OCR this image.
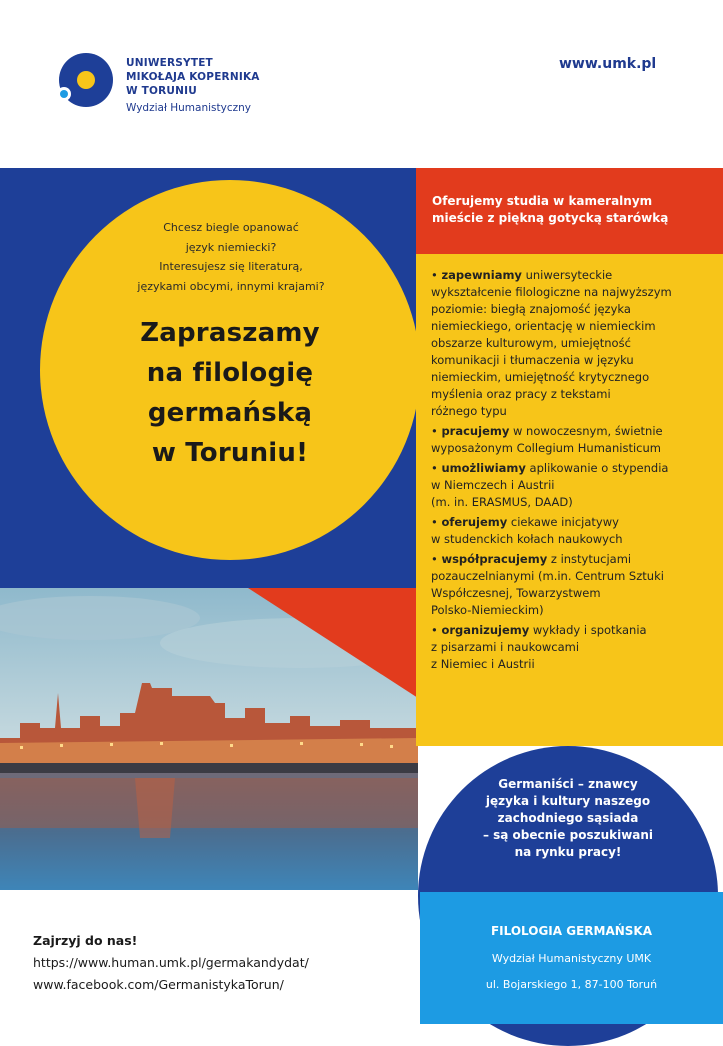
UNIWERSYTET
MIKOŁAJA KOPERNIKA
W TORUNIU
Wydział Humanistyczny
www.umk.pl
Chcesz biegle opanować
język niemiecki?
Interesujesz się literaturą,
językami obcymi, innymi krajami?
Zapraszamy
na filologię
germańską
w Toruniu!
Oferujemy studia w kameralnym
mieście z piękną gotycką starówką
• zapewniamy uniwersyteckie
wykształcenie filologiczne na najwyższym
poziomie: biegłą znajomość języka
niemieckiego, orientację w niemieckim
obszarze kulturowym, umiejętność
komunikacji i tłumaczenia w języku
niemieckim, umiejętność krytycznego
myślenia oraz pracy z tekstami
różnego typu
• pracujemy w nowoczesnym, świetnie
wyposażonym Collegium Humanisticum
• umożliwiamy aplikowanie o stypendia
w Niemczech i Austrii
(m. in. ERASMUS, DAAD)
• oferujemy ciekawe inicjatywy
w studenckich kołach naukowych
• współpracujemy z instytucjami
pozauczelnianymi (m.in. Centrum Sztuki
Współczesnej, Towarzystwem
Polsko-Niemieckim)
• organizujemy wykłady i spotkania
z pisarzami i naukowcami
z Niemiec i Austrii
Germaniści – znawcy
języka i kultury naszego
zachodniego sąsiada
– są obecnie poszukiwani
na rynku pracy!
FILOLOGIA GERMAŃSKA
Wydział Humanistyczny UMK
ul. Bojarskiego 1, 87-100 Toruń
Zajrzyj do nas!
https://www.human.umk.pl/germakandydat/
www.facebook.com/GermanistykaTorun/
